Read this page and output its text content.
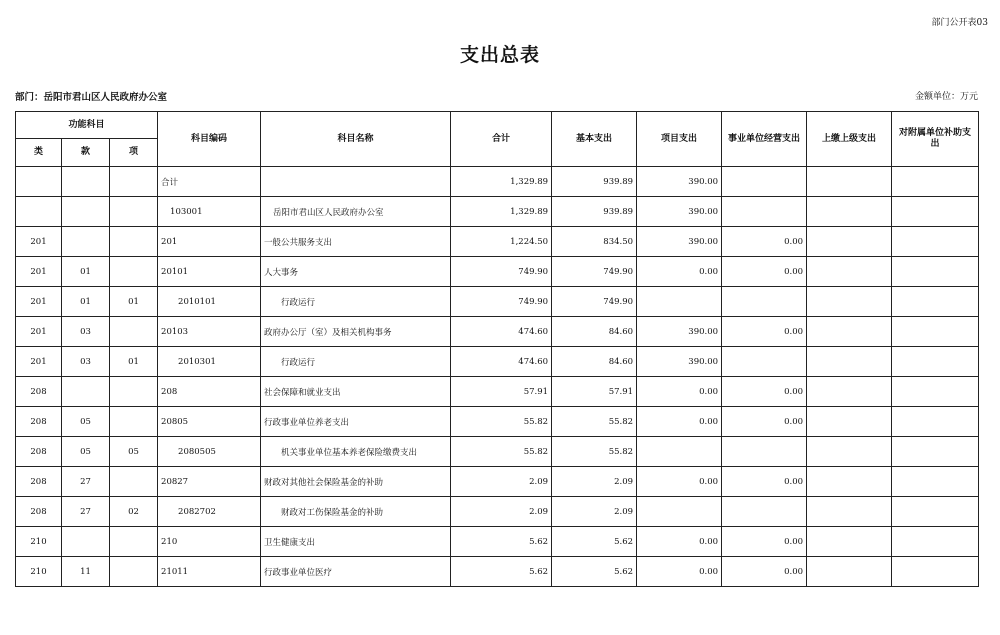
部门公开表03
支出总表
部门：岳阳市君山区人民政府办公室	金额单位：万元
功能科目			科目编码	科目名称	合计	基本支出	项目支出	事业单位经营支出	上缴上级支出	对附属单位补助支出
类	款	项								
			合计		1,329.89	939.89	390.00			
			103001	岳阳市君山区人民政府办公室	1,329.89	939.89	390.00			
201			201	一般公共服务支出	1,224.50	834.50	390.00	0.00		
201	01		20101	人大事务	749.90	749.90	0.00	0.00		
201	01	01	2010101	行政运行	749.90	749.90				
201	03		20103	政府办公厅（室）及相关机构事务	474.60	84.60	390.00	0.00		
201	03	01	2010301	行政运行	474.60	84.60	390.00			
208			208	社会保障和就业支出	57.91	57.91	0.00	0.00		
208	05		20805	行政事业单位养老支出	55.82	55.82	0.00	0.00		
208	05	05	2080505	机关事业单位基本养老保险缴费支出	55.82	55.82				
208	27		20827	财政对其他社会保险基金的补助	2.09	2.09	0.00	0.00		
208	27	02	2082702	财政对工伤保险基金的补助	2.09	2.09				
210			210	卫生健康支出	5.62	5.62	0.00	0.00		
210	11		21011	行政事业单位医疗	5.62	5.62	0.00	0.00		
